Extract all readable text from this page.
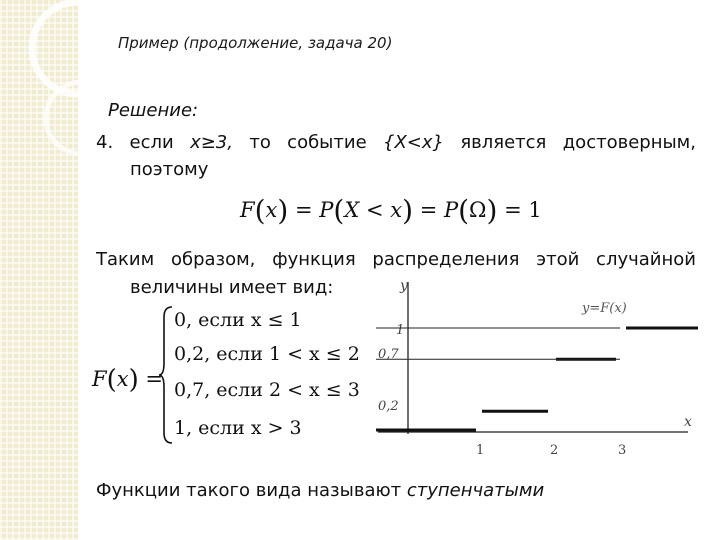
Пример (продолжение, задача 20)
Решение:
4. если x≥3, то событие {X<x} является достоверным,
поэтому
F(x) = P(X < x) = P(Ω) = 1
Таким образом, функция распределения этой случайной
величины имеет вид:
F(x) =
0, если x ≤ 1
0,2, если 1 < x ≤ 2
0,7, если 2 < x ≤ 3
1, если x > 3
y
x
y=F(x)
1
0,7
0,2
1	2	3
Функции такого вида называют ступенчатыми
